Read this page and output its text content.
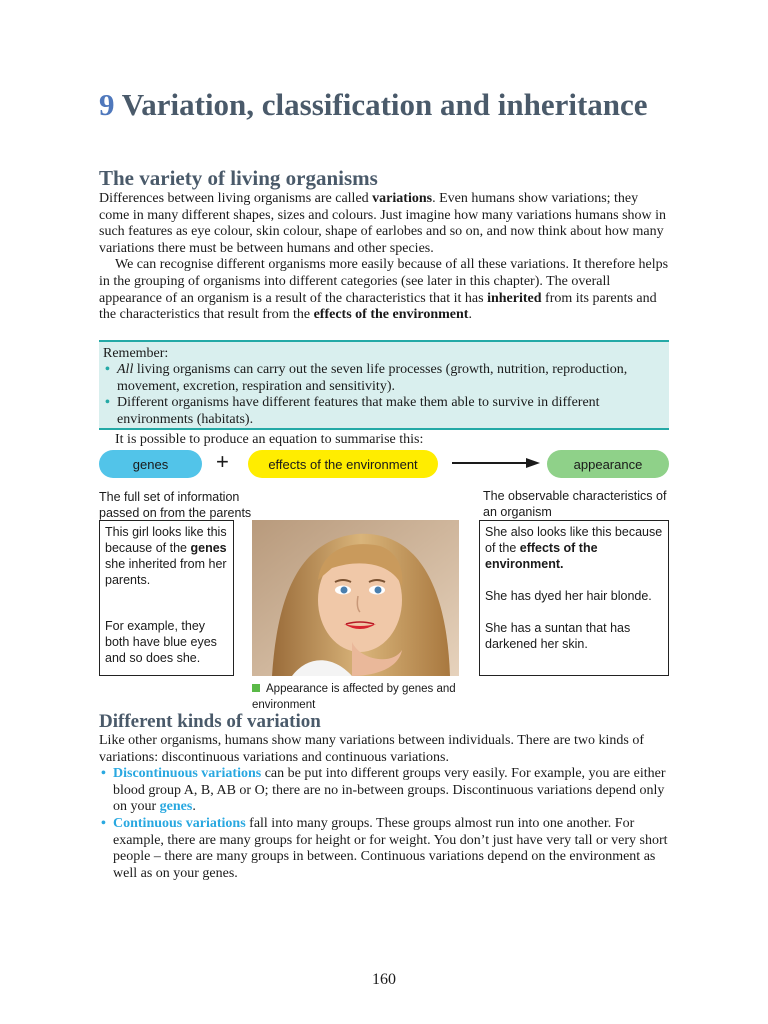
9 Variation, classification and inheritance
The variety of living organisms

Differences between living organisms are called variations. Even humans show variations; they come in many different shapes, sizes and colours. Just imagine how many variations humans show in such features as eye colour, skin colour, shape of earlobes and so on, and now think about how many variations there must be between humans and other species.

We can recognise different organisms more easily because of all these variations. It therefore helps in the grouping of organisms into different categories (see later in this chapter). The overall appearance of an organism is a result of the characteristics that it has inherited from its parents and the characteristics that result from the effects of the environment.

Remember:
• All living organisms can carry out the seven life processes (growth, nutrition, reproduction, movement, excretion, respiration and sensitivity).
• Different organisms have different features that make them able to survive in different environments (habitats).
It is possible to produce an equation to summarise this:
genes	+	effects of the environment	appearance
The full set of information passed on from the parents
The observable characteristics of an organism

This girl looks like this because of the genes she inherited from her parents.

For example, they both have blue eyes and so does she.

She also looks like this because of the effects of the environment.

She has dyed her hair blonde.

She has a suntan that has darkened her skin.

Appearance is affected by genes and environment
Different kinds of variation

Like other organisms, humans show many variations between individuals. There are two kinds of variations: discontinuous variations and continuous variations.

• Discontinuous variations can be put into different groups very easily. For example, you are either blood group A, B, AB or O; there are no in-between groups. Discontinuous variations depend only on your genes.
• Continuous variations fall into many groups. These groups almost run into one another. For example, there are many groups for height or for weight. You don’t just have very tall or very short people – there are many groups in between. Continuous variations depend on the environment as well as on your genes.
160
